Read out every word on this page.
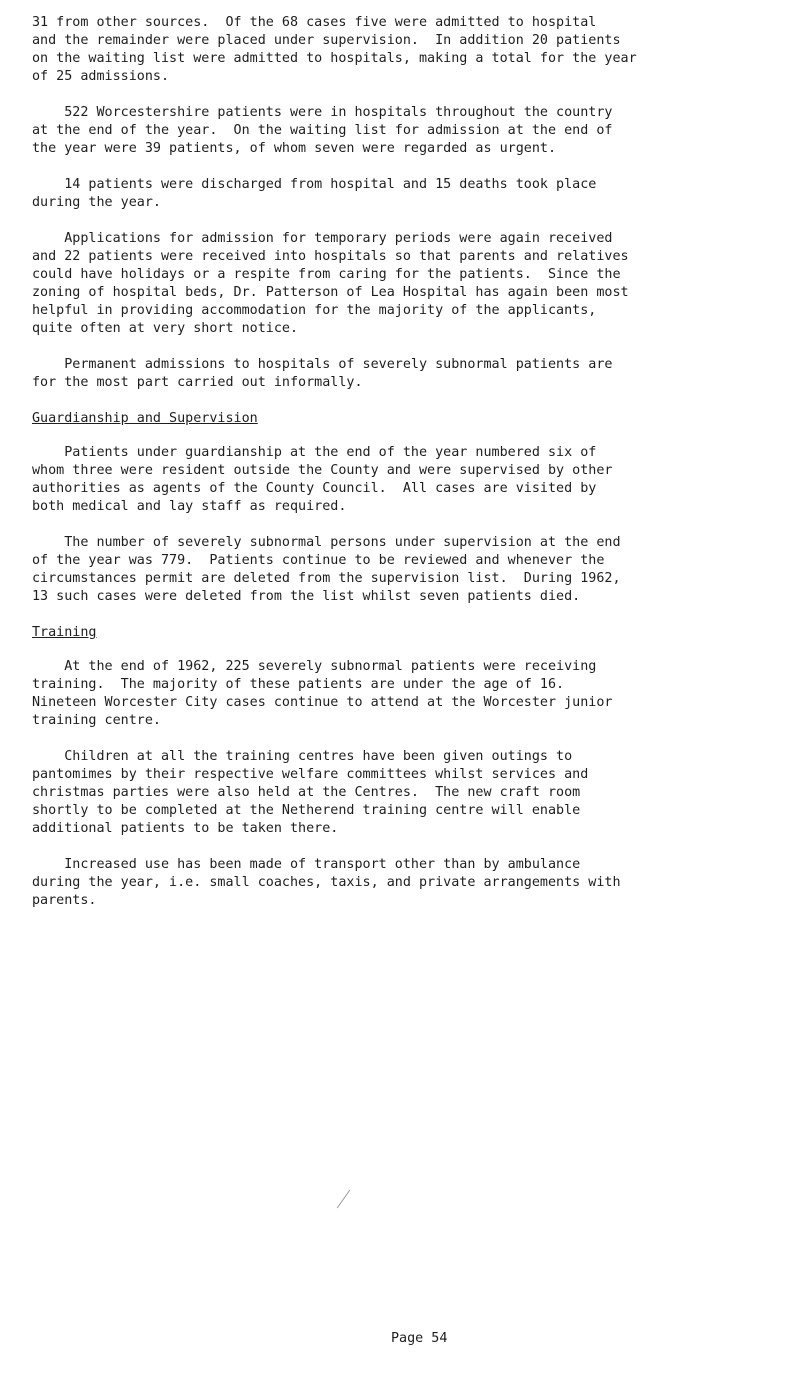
31 from other sources.  Of the 68 cases five were admitted to hospital
and the remainder were placed under supervision.  In addition 20 patients
on the waiting list were admitted to hospitals, making a total for the year
of 25 admissions.

522 Worcestershire patients were in hospitals throughout the country
at the end of the year.  On the waiting list for admission at the end of
the year were 39 patients, of whom seven were regarded as urgent.

14 patients were discharged from hospital and 15 deaths took place
during the year.

Applications for admission for temporary periods were again received
and 22 patients were received into hospitals so that parents and relatives
could have holidays or a respite from caring for the patients.  Since the
zoning of hospital beds, Dr. Patterson of Lea Hospital has again been most
helpful in providing accommodation for the majority of the applicants,
quite often at very short notice.

Permanent admissions to hospitals of severely subnormal patients are
for the most part carried out informally.

Guardianship and Supervision

Patients under guardianship at the end of the year numbered six of
whom three were resident outside the County and were supervised by other
authorities as agents of the County Council.  All cases are visited by
both medical and lay staff as required.

The number of severely subnormal persons under supervision at the end
of the year was 779.  Patients continue to be reviewed and whenever the
circumstances permit are deleted from the supervision list.  During 1962,
13 such cases were deleted from the list whilst seven patients died.

Training

At the end of 1962, 225 severely subnormal patients were receiving
training.  The majority of these patients are under the age of 16.
Nineteen Worcester City cases continue to attend at the Worcester junior
training centre.

Children at all the training centres have been given outings to
pantomimes by their respective welfare committees whilst services and
christmas parties were also held at the Centres.  The new craft room
shortly to be completed at the Netherend training centre will enable
additional patients to be taken there.

Increased use has been made of transport other than by ambulance
during the year, i.e. small coaches, taxis, and private arrangements with
parents.

Page 54
